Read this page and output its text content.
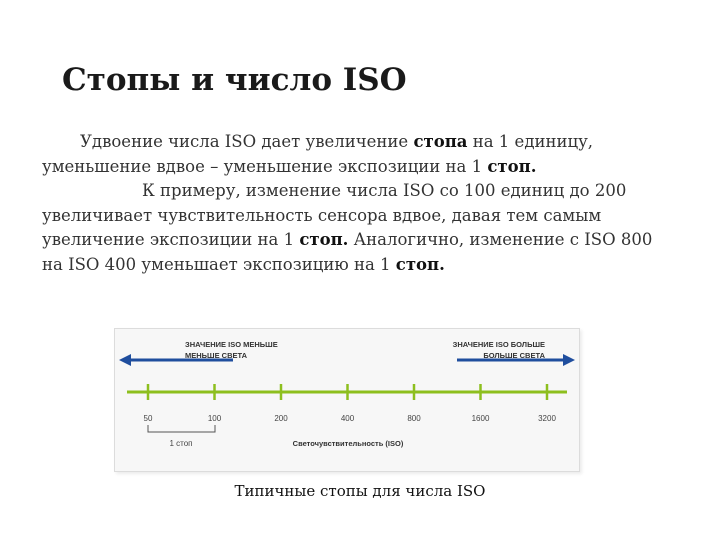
Стопы и число ISO

Удвоение числа ISO дает увеличение стопа на 1 единицу, уменьшение вдвое – уменьшение экспозиции на 1 стоп.

К примеру, изменение числа ISO со 100 единиц до 200 увеличивает чувствительность сенсора вдвое, давая тем самым увеличение экспозиции на 1 стоп. Аналогично, изменение с ISO 800 на ISO 400 уменьшает экспозицию на 1 стоп.

ЗНАЧЕНИЕ ISO МЕНЬШЕ
МЕНЬШЕ СВЕТА
ЗНАЧЕНИЕ ISO БОЛЬШЕ
БОЛЬШЕ СВЕТА
50	100	200	400	800	1600	3200
1 стоп	Светочувствительность (ISO)
Типичные стопы для числа ISO
